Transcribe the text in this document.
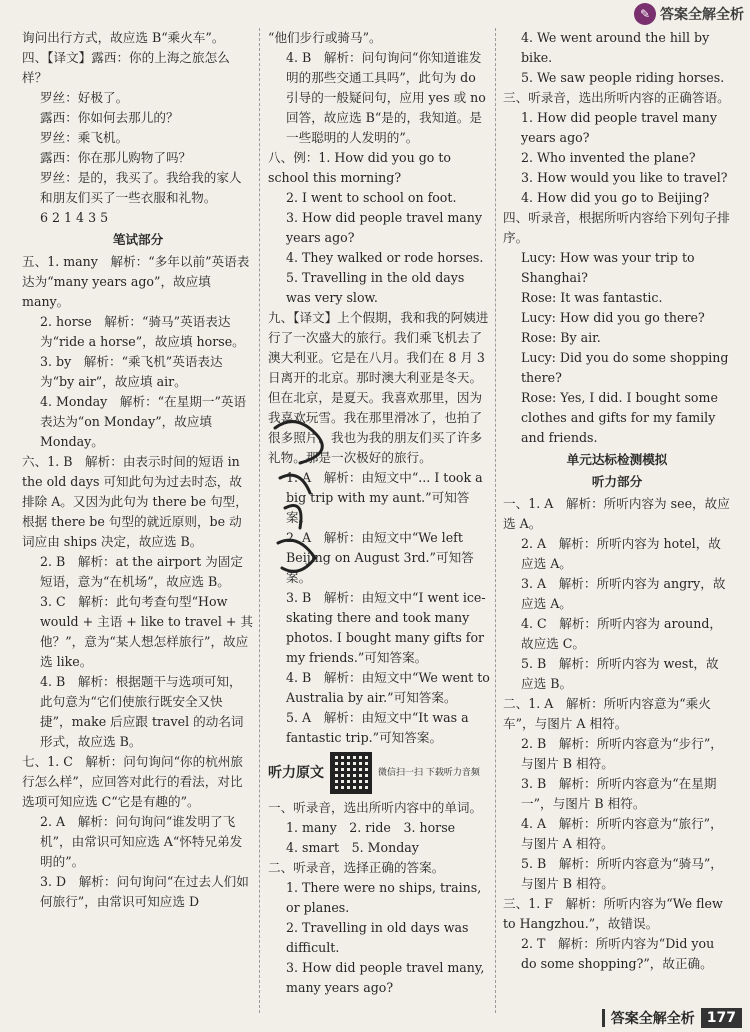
✎ 答案全解全析

询问出行方式，故应选 B“乘火车”。

四、【译文】露西：你的上海之旅怎么样？

罗丝：好极了。

露西：你如何去那儿的？

罗丝：乘飞机。

露西：你在那儿购物了吗？

罗丝：是的，我买了。我给我的家人和朋友们买了一些衣服和礼物。

6 2 1 4 3 5

笔试部分

五、1. many　解析：“多年以前”英语表达为“many years ago”，故应填 many。

2. horse　解析：“骑马”英语表达为“ride a horse”，故应填 horse。

3. by　解析：“乘飞机”英语表达为“by air”，故应填 air。

4. Monday　解析：“在星期一”英语表达为“on Monday”，故应填 Monday。

六、1. B　解析：由表示时间的短语 in the old days 可知此句为过去时态，故排除 A。又因为此句为 there be 句型，根据 there be 句型的就近原则，be 动词应由 ships 决定，故应选 B。

2. B　解析：at the airport 为固定短语，意为“在机场”，故应选 B。

3. C　解析：此句考查句型“How would + 主语 + like to travel + 其他？”，意为“某人想怎样旅行”，故应选 like。

4. B　解析：根据题干与选项可知，此句意为“它们使旅行既安全又快捷”，make 后应跟 travel 的动名词形式，故应选 B。

七、1. C　解析：问句询问“你的杭州旅行怎么样”，应回答对此行的看法，对比选项可知应选 C“它是有趣的”。

2. A　解析：问句询问“谁发明了飞机”，由常识可知应选 A“怀特兄弟发明的”。

3. D　解析：问句询问“在过去人们如何旅行”，由常识可知应选 D

“他们步行或骑马”。

4. B　解析：问句询问“你知道谁发明的那些交通工具吗”，此句为 do 引导的一般疑问句，应用 yes 或 no 回答，故应选 B“是的，我知道。是一些聪明的人发明的”。

八、例：1. How did you go to school this morning?

2. I went to school on foot.

3. How did people travel many years ago?

4. They walked or rode horses.

5. Travelling in the old days was very slow.

九、【译文】上个假期，我和我的阿姨进行了一次盛大的旅行。我们乘飞机去了澳大利亚。它是在八月。我们在 8 月 3 日离开的北京。那时澳大利亚是冬天。但在北京，是夏天。我喜欢那里，因为我喜欢玩雪。我在那里滑冰了，也拍了很多照片。我也为我的朋友们买了许多礼物。那是一次极好的旅行。

1. A　解析：由短文中“... I took a big trip with my aunt.”可知答案。

2. A　解析：由短文中“We left Beijing on August 3rd.”可知答案。

3. B　解析：由短文中“I went ice-skating there and took many photos. I bought many gifts for my friends.”可知答案。

4. B　解析：由短文中“We went to Australia by air.”可知答案。

5. A　解析：由短文中“It was a fantastic trip.”可知答案。

听力原文	微信扫一扫 下载听力音频

一、听录音，选出所听内容中的单词。

1. many　2. ride　3. horse

4. smart　5. Monday

二、听录音，选择正确的答案。

1. There were no ships, trains, or planes.

2. Travelling in old days was difficult.

3. How did people travel many, many years ago?

4. We went around the hill by bike.

5. We saw people riding horses.

三、听录音，选出所听内容的正确答语。

1. How did people travel many years ago?

2. Who invented the plane?

3. How would you like to travel?

4. How did you go to Beijing?

四、听录音，根据所听内容给下列句子排序。

Lucy: How was your trip to Shanghai?

Rose: It was fantastic.

Lucy: How did you go there?

Rose: By air.

Lucy: Did you do some shopping there?

Rose: Yes, I did. I bought some clothes and gifts for my family and friends.

单元达标检测模拟

听力部分

一、1. A　解析：所听内容为 see，故应选 A。

2. A　解析：所听内容为 hotel，故应选 A。

3. A　解析：所听内容为 angry，故应选 A。

4. C　解析：所听内容为 around，故应选 C。

5. B　解析：所听内容为 west，故应选 B。

二、1. A　解析：所听内容意为“乘火车”，与图片 A 相符。

2. B　解析：所听内容意为“步行”，与图片 B 相符。

3. B　解析：所听内容意为“在星期一”，与图片 B 相符。

4. A　解析：所听内容意为“旅行”，与图片 A 相符。

5. B　解析：所听内容意为“骑马”，与图片 B 相符。

三、1. F　解析：所听内容为“We flew to Hangzhou.”，故错误。

2. T　解析：所听内容为“Did you do some shopping?”，故正确。

答案全解全析 177
